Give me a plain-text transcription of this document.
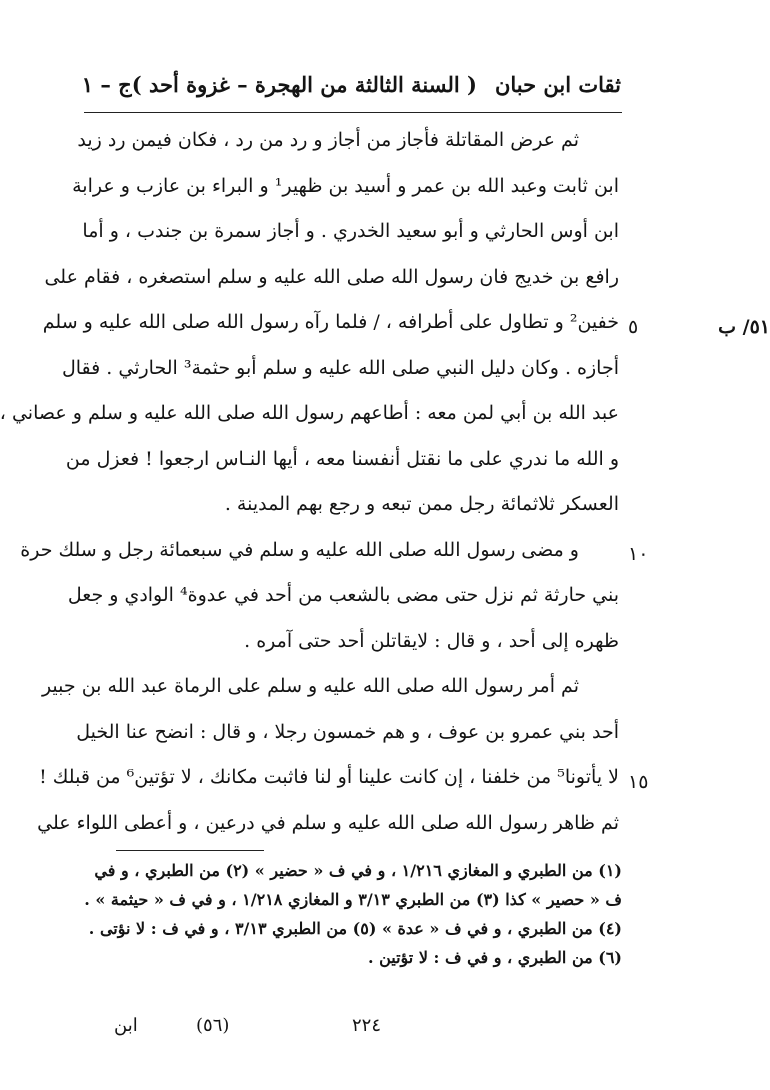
ثقات ابن حبان
( السنة الثالثة من الهجرة – غزوة أحد )
ج – ١
٥١/ ب
٥
١٠
١٥
ثم عرض المقاتلة فأجاز من أجاز و رد من رد ، فكان فيمن رد زيد
ابن ثابت وعبد الله بن عمر و أسيد بن ظهير¹ و البراء بن عازب و عرابة
ابن أوس الحارثي و أبو سعيد الخدري . و أجاز سمرة بن جندب ، و أما
رافع بن خديج فان رسول الله صلى الله عليه و سلم استصغره ، فقام على
خفين² و تطاول على أطرافه ، / فلما رآه رسول الله صلى الله عليه و سلم
أجازه . وكان دليل النبي صلى الله عليه و سلم أبو حثمة³ الحارثي . فقال
عبد الله بن أبي لمن معه : أطاعهم رسول الله صلى الله عليه و سلم و عصاني ،
و الله ما ندري على ما نقتل أنفسنا معه ، أيها النـاس ارجعوا ! فعزل من
العسكر ثلاثمائة رجل ممن تبعه و رجع بهم المدينة .
و مضى رسول الله صلى الله عليه و سلم في سبعمائة رجل و سلك حرة
بني حارثة ثم نزل حتى مضى بالشعب من أحد في عدوة⁴ الوادي و جعل
ظهره إلى أحد ، و قال : لايقاتلن أحد حتى آمره .
ثم أمر رسول الله صلى الله عليه و سلم على الرماة عبد الله بن جبير
أحد بني عمرو بن عوف ، و هم خمسون رجلا ، و قال : انضح عنا الخيل
لا يأتونا⁵ من خلفنا ، إن كانت علينا أو لنا فاثبت مكانك ، لا تؤتين⁶ من قبلك !
ثم ظاهر رسول الله صلى الله عليه و سلم في درعين ، و أعطى اللواء علي
(١) من الطبري و المغازي ١/٢١٦ ، و في ف « حضير » (٢) من الطبري ، و في
ف « حصير » كذا (٣) من الطبري ٣/١٣ و المغازي ١/٢١٨ ، و في ف « حيثمة » .
(٤) من الطبري ، و في ف « عدة » (٥) من الطبري ٣/١٣ ، و في ف : لا نؤتى .
(٦) من الطبري ، و في ف : لا تؤتين .
ابن	(٥٦)	٢٢٤
